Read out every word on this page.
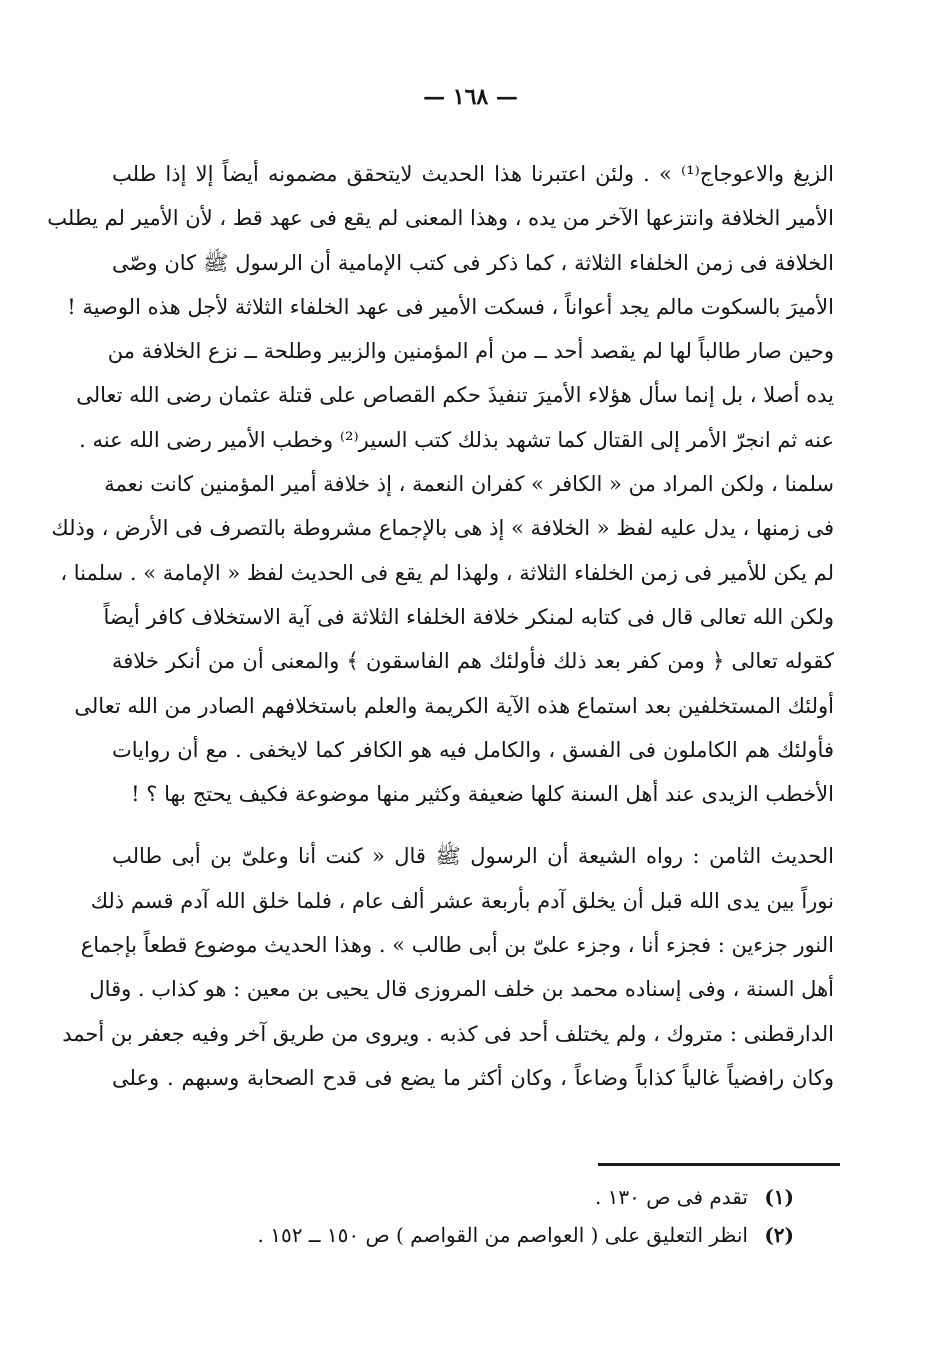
— ١٦٨ —
الزيغ والاعوجاج⁽¹⁾ » . ولئن اعتبرنا هذا الحديث لايتحقق مضمونه أيضاً إلا إذا طلب
الأمير الخلافة وانتزعها الآخر من يده ، وهذا المعنى لم يقع فى عهد قط ، لأن الأمير لم يطلب
الخلافة فى زمن الخلفاء الثلاثة ، كما ذكر فى كتب الإمامية أن الرسول ﷺ كان وصّى
الأميرَ بالسكوت مالم يجد أعواناً ، فسكت الأمير فى عهد الخلفاء الثلاثة لأجل هذه الوصية !
وحين صار طالباً لها لم يقصد أحد ــ من أم المؤمنين والزبير وطلحة ــ نزع الخلافة من
يده أصلا ، بل إنما سأل هؤلاء الأميرَ تنفيذَ حكم القصاص على قتلة عثمان رضى الله تعالى
عنه ثم انجرّ الأمر إلى القتال كما تشهد بذلك كتب السير⁽²⁾ وخطب الأمير رضى الله عنه .
سلمنا ، ولكن المراد من « الكافر » كفران النعمة ، إذ خلافة أمير المؤمنين كانت نعمة
فى زمنها ، يدل عليه لفظ « الخلافة » إذ هى بالإجماع مشروطة بالتصرف فى الأرض ، وذلك
لم يكن للأمير فى زمن الخلفاء الثلاثة ، ولهذا لم يقع فى الحديث لفظ « الإمامة » . سلمنا ،
ولكن الله تعالى قال فى كتابه لمنكر خلافة الخلفاء الثلاثة فى آية الاستخلاف كافر أيضاً
كقوله تعالى ﴿ ومن كفر بعد ذلك فأولئك هم الفاسقون ﴾ والمعنى أن من أنكر خلافة
أولئك المستخلفين بعد استماع هذه الآية الكريمة والعلم باستخلافهم الصادر من الله تعالى
فأولئك هم الكاملون فى الفسق ، والكامل فيه هو الكافر كما لايخفى . مع أن روايات
الأخطب الزيدى عند أهل السنة كلها ضعيفة وكثير منها موضوعة فكيف يحتج بها ؟ !
الحديث الثامن : رواه الشيعة أن الرسول ﷺ قال « كنت أنا وعلىّ بن أبى طالب
نوراً بين يدى الله قبل أن يخلق آدم بأربعة عشر ألف عام ، فلما خلق الله آدم قسم ذلك
النور جزءين : فجزء أنا ، وجزء علىّ بن أبى طالب » . وهذا الحديث موضوع قطعاً بإجماع
أهل السنة ، وفى إسناده محمد بن خلف المروزى قال يحيى بن معين : هو كذاب . وقال
الدارقطنى : متروك ، ولم يختلف أحد فى كذبه . ويروى من طريق آخر وفيه جعفر بن أحمد
وكان رافضياً غالياً كذاباً وضاعاً ، وكان أكثر ما يضع فى قدح الصحابة وسبهم . وعلى
(١) تقدم فى ص ١٣٠ .
(٢) انظر التعليق على ( العواصم من القواصم ) ص ١٥٠ ــ ١٥٢ .
